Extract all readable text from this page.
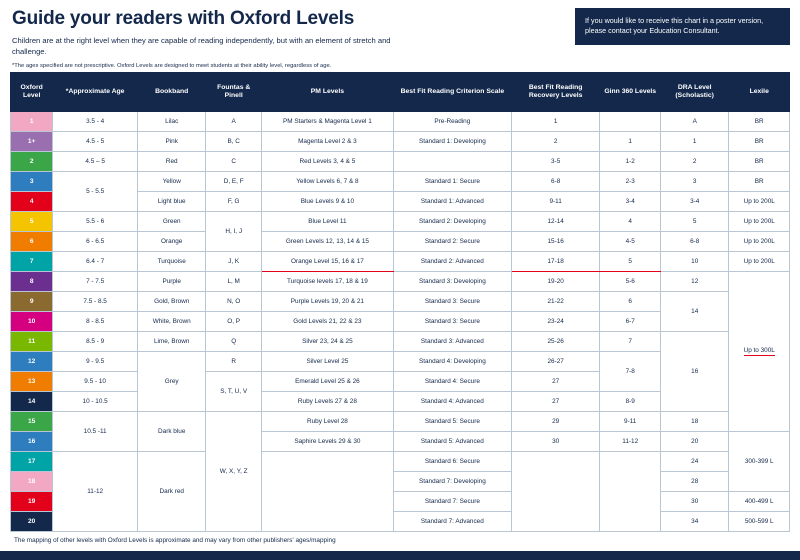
Guide your readers with Oxford Levels
Children are at the right level when they are capable of reading independently, but with an element of stretch and challenge.
*The ages specified are not prescriptive. Oxford Levels are designed to meet students at their ability level, regardless of age.
If you would like to receive this chart in a poster version, please contact your Education Consultant.
Oxford Level	*Approximate Age	Bookband	Fountas & Pinell	PM Levels	Best Fit Reading Criterion Scale	Best Fit Reading Recovery Levels	Ginn 360 Levels	DRA Level (Scholastic)	Lexile
1	3.5 - 4	Lilac	A	PM Starters & Magenta Level 1	Pre-Reading	1		A	BR
1+	4.5 - 5	Pink	B, C	Magenta Level 2 & 3	Standard 1: Developing	2	1	1	BR
2	4.5 – 5	Red	C	Red Levels 3, 4 & 5		3-5	1-2	2	BR
3	5 - 5.5	Yellow	D, E, F	Yellow Levels 6, 7 & 8	Standard 1: Secure	6-8	2-3	3	BR
4		Light blue	F, G	Blue Levels 9 & 10	Standard 1: Advanced	9-11	3-4	3-4	Up to 200L
5	5.5 - 6	Green	H, I, J	Blue Level 11	Standard 2: Developing	12-14	4	5	Up to 200L
6	6 - 6.5	Orange		Green Levels 12, 13, 14 & 15	Standard 2: Secure	15-16	4-5	6-8	Up to 200L
7	6.4 - 7	Turquoise	J, K	Orange Level 15, 16 & 17	Standard 2: Advanced	17-18	5	10	Up to 200L
8	7 - 7.5	Purple	L, M	Turquoise levels 17, 18 & 19	Standard 3: Developing	19-20	5-6	12	Up to 300L
9	7.5 - 8.5	Gold, Brown	N, O	Purple Levels 19, 20 & 21	Standard 3: Secure	21-22	6	14	
10	8 - 8.5	White, Brown	O, P	Gold Levels 21, 22 & 23	Standard 3: Secure	23-24	6-7		
11	8.5 - 9	Lime, Brown	Q	Silver 23, 24 & 25	Standard 3: Advanced	25-26	7	16	
12	9 - 9.5	Grey	R	Silver Level 25	Standard 4: Developing	26-27	7-8		
13	9.5 - 10		S, T, U, V	Emerald Level 25 & 26	Standard 4: Secure	27			
14	10 - 10.5			Ruby Levels 27 & 28	Standard 4: Advanced	27	8-9		
15	10.5 -11	Dark blue	W, X, Y, Z	Ruby Level 28	Standard 5: Secure	29	9-11	18	
16				Saphire Levels 29 & 30	Standard 5: Advanced	30	11-12	20	300-399 L
17	11-12	Dark red			Standard 6: Secure			24	
18					Standard 7: Developing			28	
19					Standard 7: Secure			30	400-499 L
20					Standard 7: Advanced			34	500-599 L
The mapping of other levels with Oxford Levels is approximate and may vary from other publishers' ages/mapping
